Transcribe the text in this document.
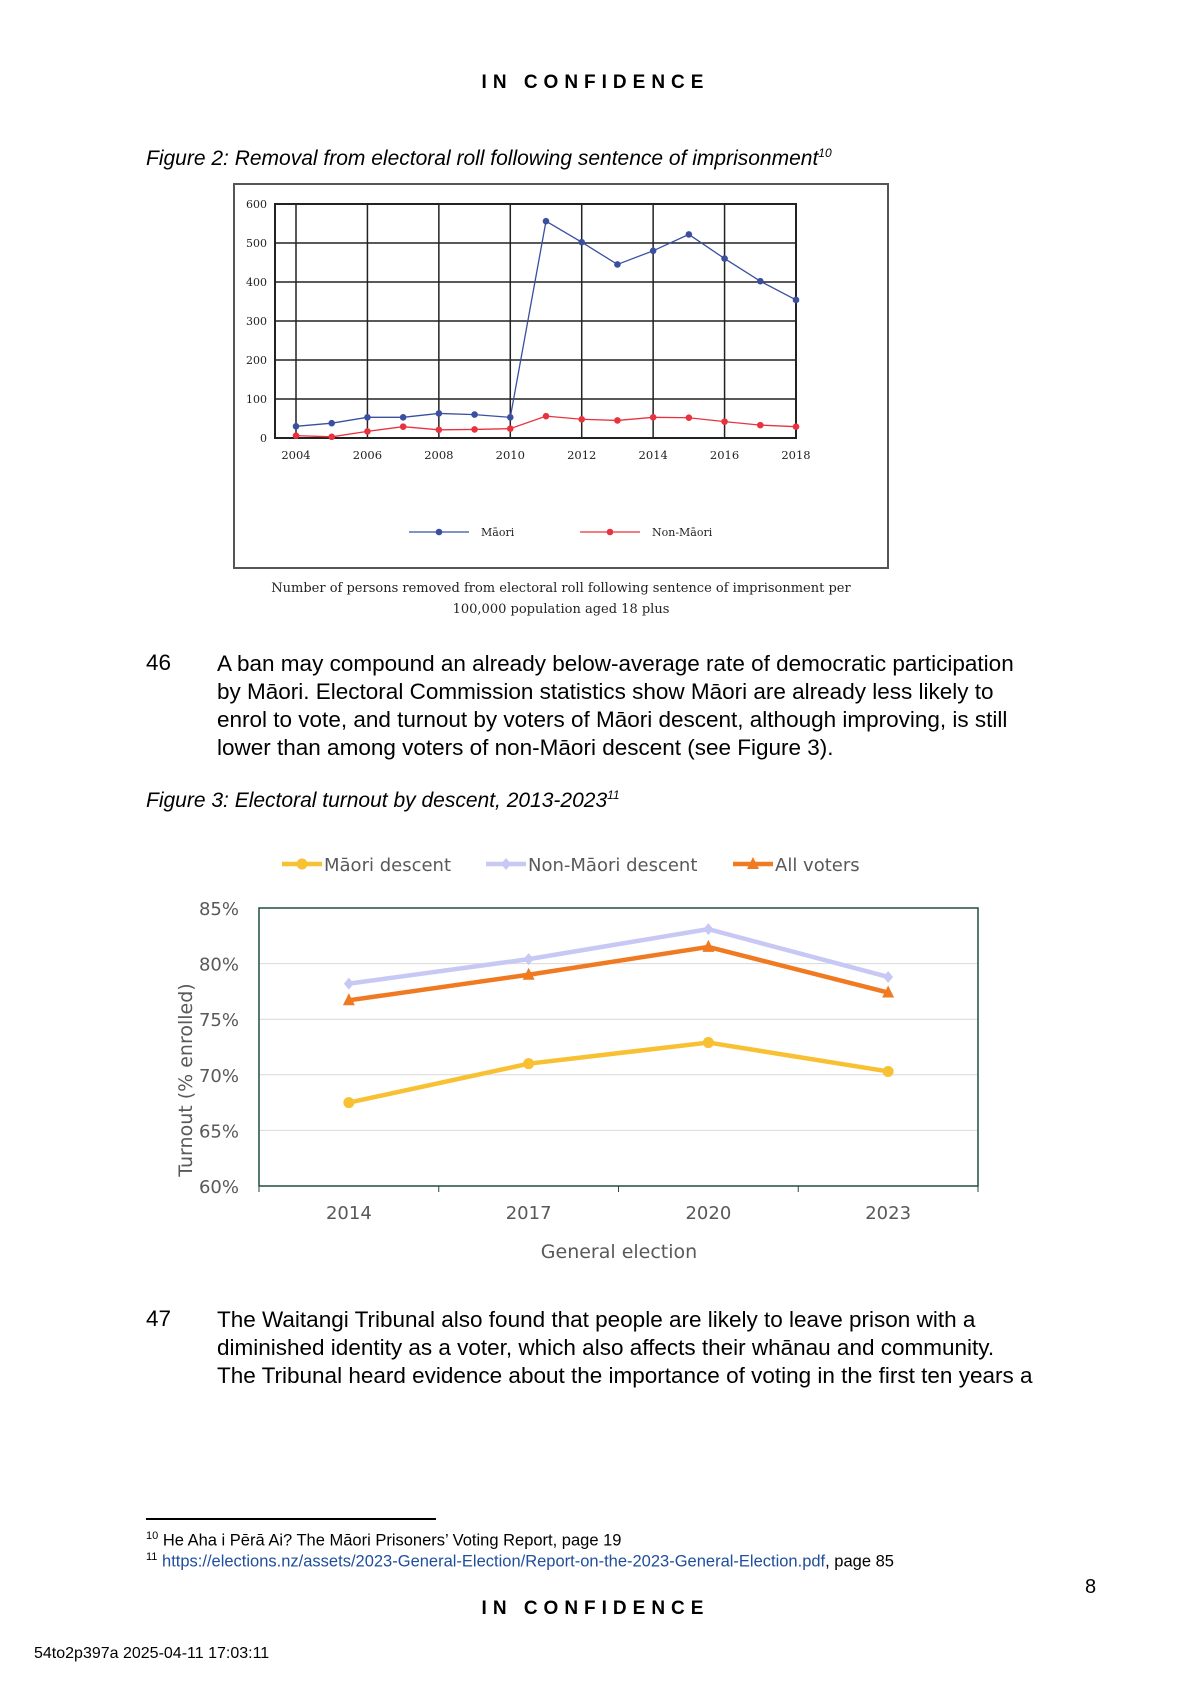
IN CONFIDENCE
Figure 2: Removal from electoral roll following sentence of imprisonment$^{10}$
600
500
400
300
200
100
0
2004	2006	2008	2010	2012	2014	2016	2018
Māori	Non-Māori
Number of persons removed from electoral roll following sentence of imprisonment per
100,000 population aged 18 plus
46 A ban may compound an already below-average rate of democratic participation
by Māori. Electoral Commission statistics show Māori are already less likely to
enrol to vote, and turnout by voters of Māori descent, although improving, is still
lower than among voters of non-Māori descent (see Figure 3).
Figure 3: Electoral turnout by descent, 2013-2023$^{11}$
Māori descent	Non-Māori descent	All voters
85%
80%
75%
70%
65%
60%
2014	2017	2020	2023
General election
Turnout (% enrolled)
47 The Waitangi Tribunal also found that people are likely to leave prison with a
diminished identity as a voter, which also affects their whānau and community.
The Tribunal heard evidence about the importance of voting in the first ten years a
$^{10}$ He Aha i Pērā Ai? The Māori Prisoners’ Voting Report, page 19
$^{11}$ https://elections.nz/assets/2023-General-Election/Report-on-the-2023-General-Election.pdf, page 85
8
IN CONFIDENCE
54to2p397a 2025-04-11 17:03:11
